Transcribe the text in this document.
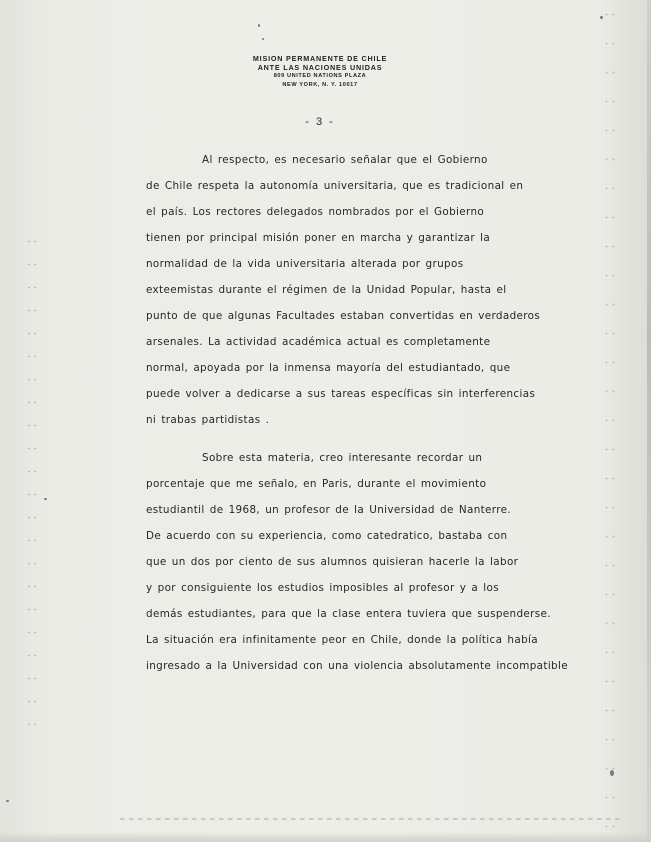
MISION PERMANENTE DE CHILE
ANTE LAS NACIONES UNIDAS
809 UNITED NATIONS PLAZA
NEW YORK, N. Y. 10017
- 3 -
Al respecto, es necesario señalar que el Gobierno
de Chile respeta la autonomía universitaria, que es tradicional en
el país. Los rectores delegados nombrados por el Gobierno
tienen por principal misión poner en marcha y garantizar la
normalidad de la vida universitaria alterada por grupos
exteemistas durante el régimen de la Unidad Popular, hasta el
punto de que algunas Facultades estaban convertidas en verdaderos
arsenales. La actividad académica actual es completamente
normal, apoyada por la inmensa mayoría del estudiantado, que
puede volver a dedicarse a sus tareas específicas sin interferencias
ni trabas partidistas .
Sobre esta materia, creo interesante recordar un
porcentaje que me señalo, en Paris, durante el movimiento
estudiantil de 1968, un profesor de la Universidad de Nanterre.
De acuerdo con su experiencia, como catedratico, bastaba con
que un dos por ciento de sus alumnos quisieran hacerle la labor
y por consiguiente los estudios imposibles al profesor y a los
demás estudiantes, para que la clase entera tuviera que suspenderse.
La situación era infinitamente peor en Chile, donde la política había
ingresado a la Universidad con una violencia absolutamente incompatible
